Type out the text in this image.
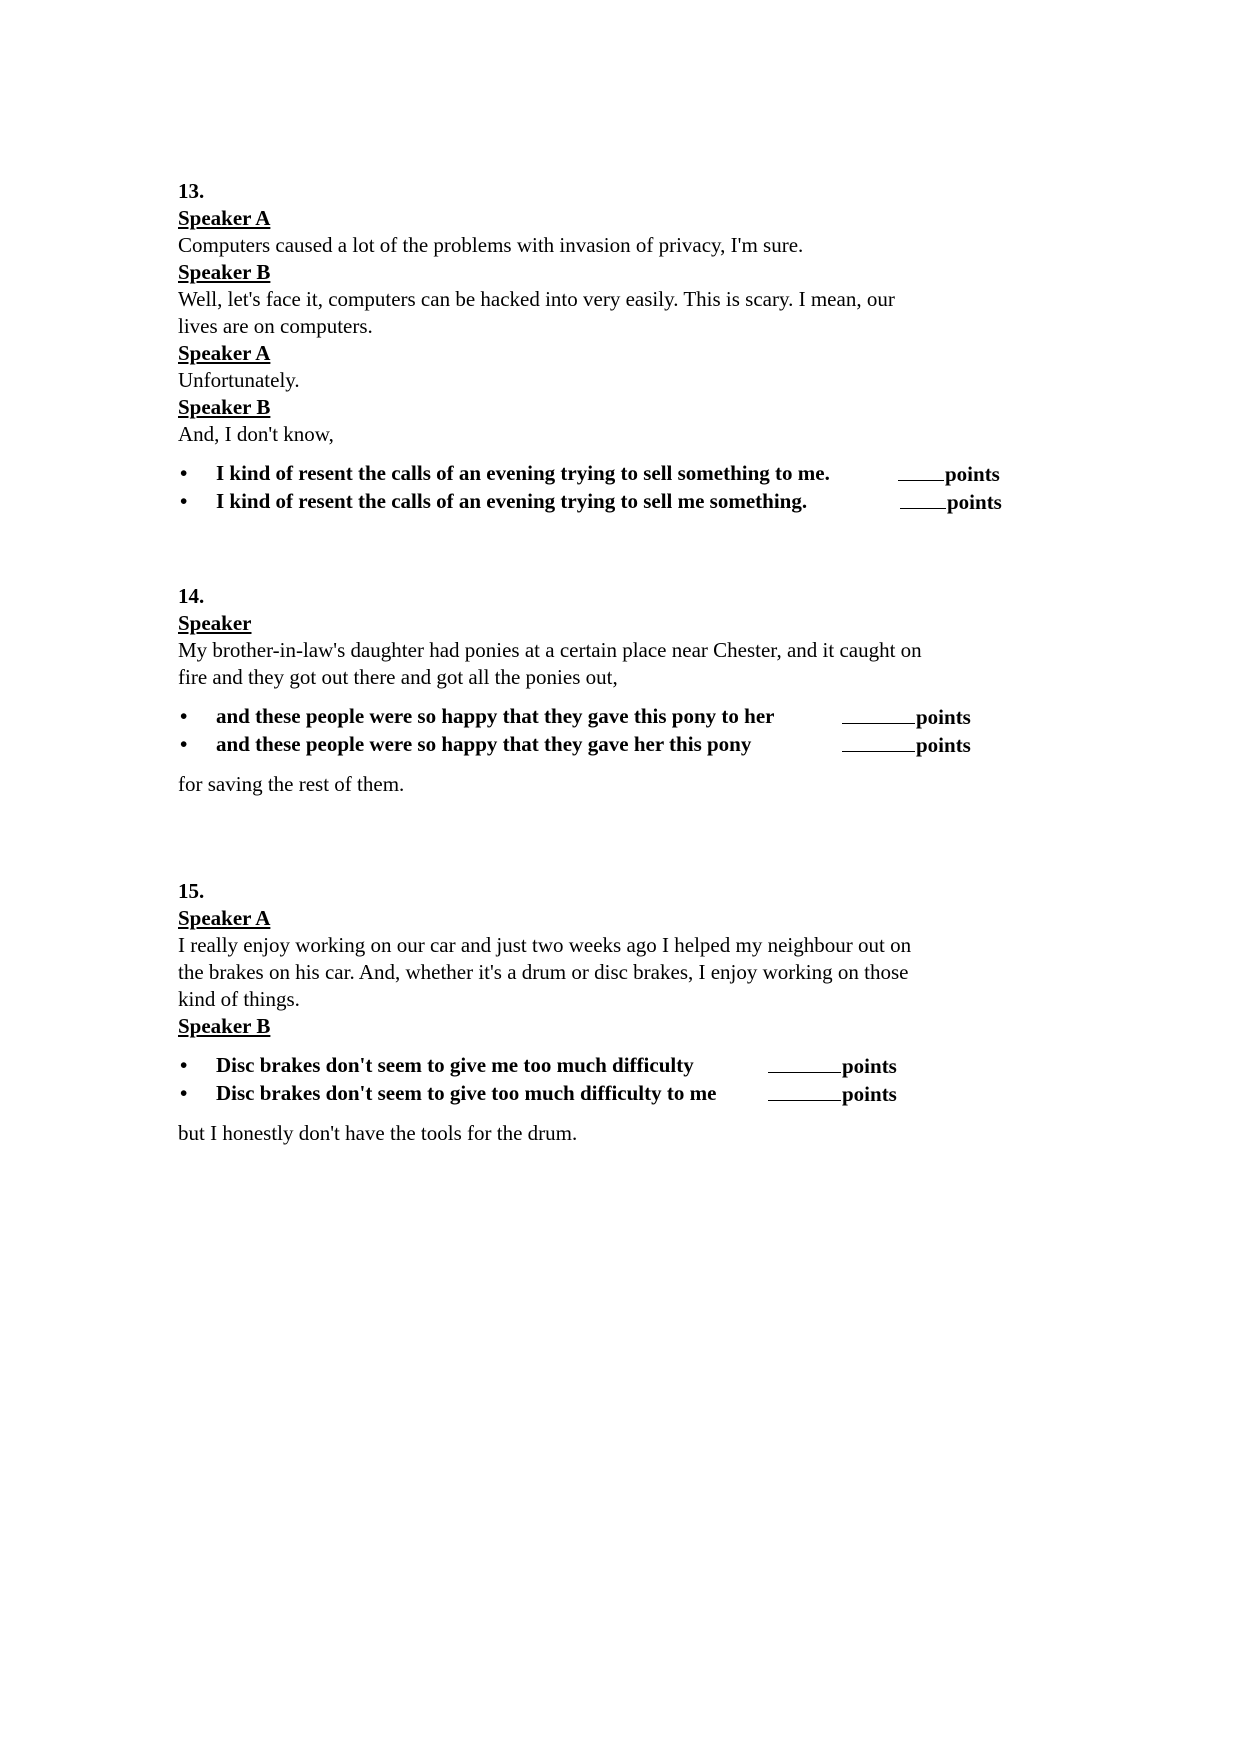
13.
Speaker A
Computers caused a lot of the problems with invasion of privacy, I'm sure.
Speaker B
Well, let's face it, computers can be hacked into very easily. This is scary. I mean, our
lives are on computers.
Speaker A
Unfortunately.
Speaker B
And, I don't know,
• I kind of resent the calls of an evening trying to sell something to me.	points
• I kind of resent the calls of an evening trying to sell me something.	points
14.
Speaker
My brother-in-law's daughter had ponies at a certain place near Chester, and it caught on
fire and they got out there and got all the ponies out,
• and these people were so happy that they gave this pony to her	points
• and these people were so happy that they gave her this pony	points
for saving the rest of them.
15.
Speaker A
I really enjoy working on our car and just two weeks ago I helped my neighbour out on
the brakes on his car. And, whether it's a drum or disc brakes, I enjoy working on those
kind of things.
Speaker B
• Disc brakes don't seem to give me too much difficulty	points
• Disc brakes don't seem to give too much difficulty to me	points
but I honestly don't have the tools for the drum.
